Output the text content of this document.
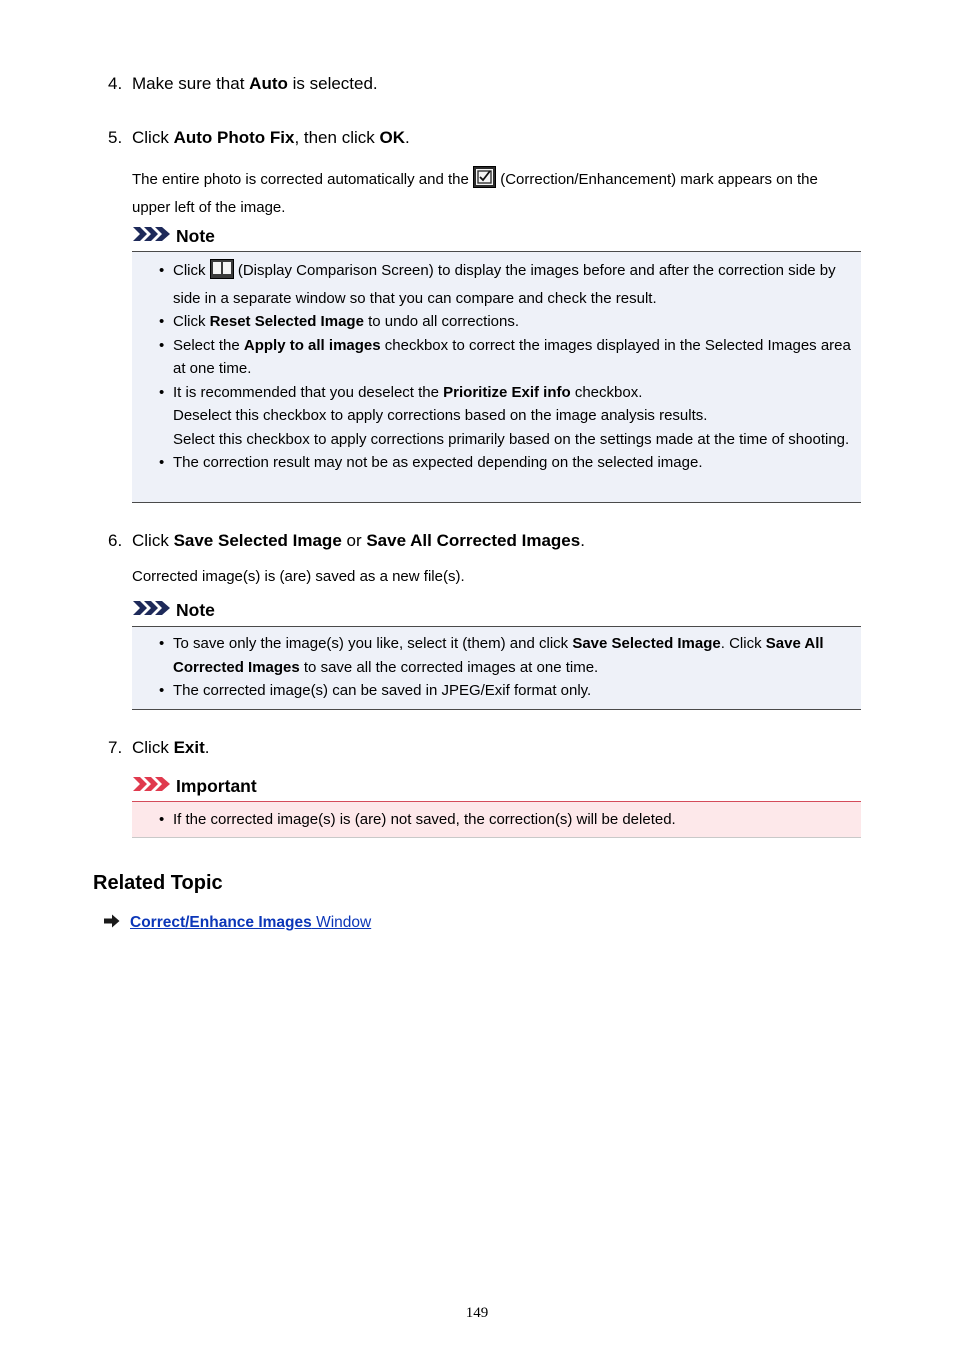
4. Make sure that Auto is selected.
5. Click Auto Photo Fix, then click OK.
The entire photo is corrected automatically and the  (Correction/Enhancement) mark appears on the upper left of the image.
Note
• Click  (Display Comparison Screen) to display the images before and after the correction side by side in a separate window so that you can compare and check the result.
• Click Reset Selected Image to undo all corrections.
• Select the Apply to all images checkbox to correct the images displayed in the Selected Images area at one time.
• It is recommended that you deselect the Prioritize Exif info checkbox.
Deselect this checkbox to apply corrections based on the image analysis results.
Select this checkbox to apply corrections primarily based on the settings made at the time of shooting.
• The correction result may not be as expected depending on the selected image.
6. Click Save Selected Image or Save All Corrected Images.
Corrected image(s) is (are) saved as a new file(s).
Note
• To save only the image(s) you like, select it (them) and click Save Selected Image. Click Save All Corrected Images to save all the corrected images at one time.
• The corrected image(s) can be saved in JPEG/Exif format only.
7. Click Exit.
Important
• If the corrected image(s) is (are) not saved, the correction(s) will be deleted.
Related Topic
Correct/Enhance Images Window
149
